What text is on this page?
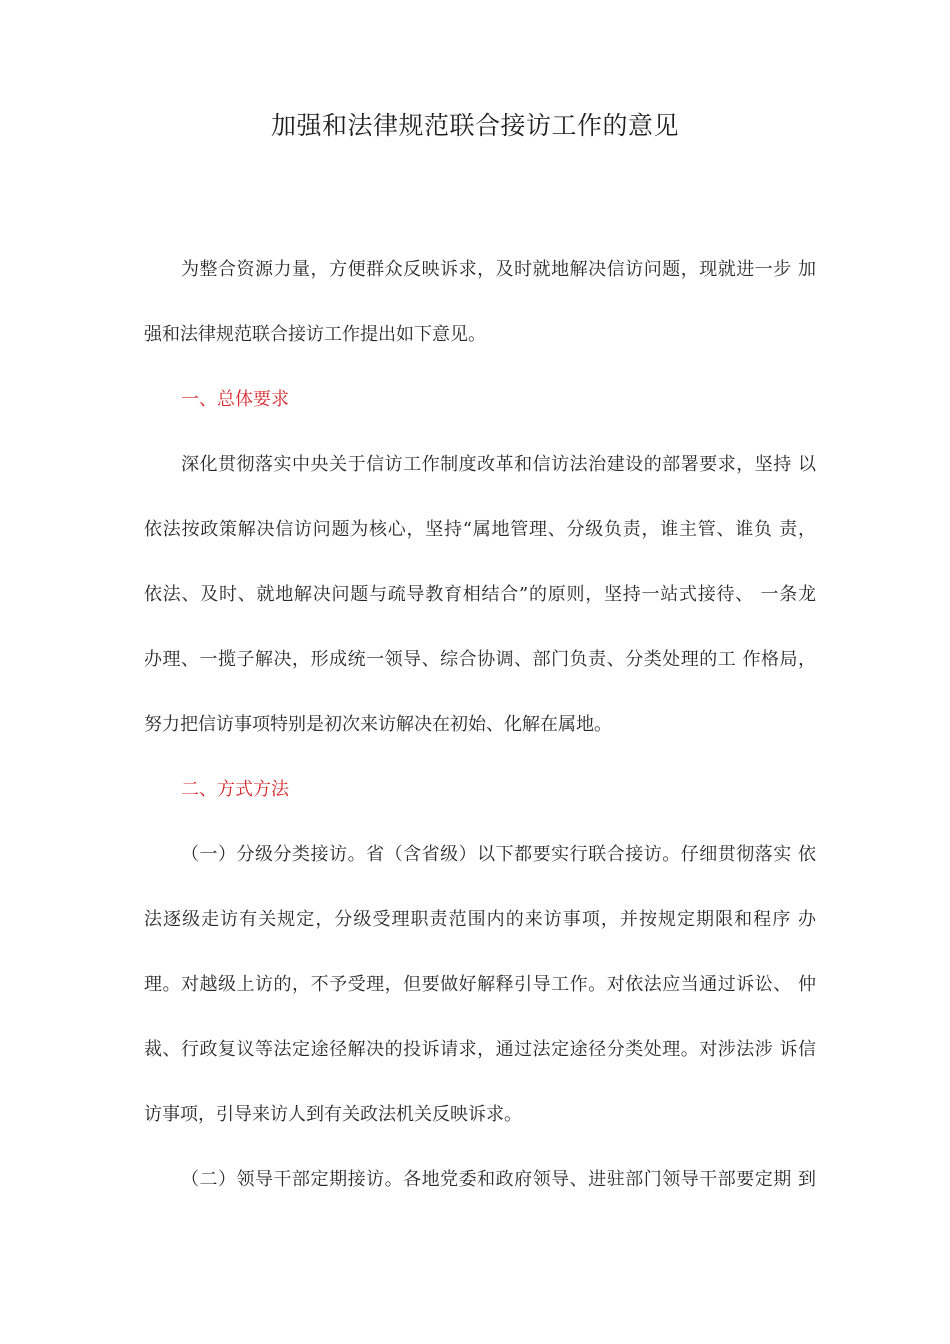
加强和法律规范联合接访工作的意见
为整合资源力量，方便群众反映诉求，及时就地解决信访问题，现就进一步 加
强和法律规范联合接访工作提出如下意见。
一、总体要求
深化贯彻落实中央关于信访工作制度改革和信访法治建设的部署要求，坚持 以
依法按政策解决信访问题为核心，坚持“属地管理、分级负责，谁主管、谁负 责，
依法、及时、就地解决问题与疏导教育相结合”的原则，坚持一站式接待、 一条龙
办理、一揽子解决，形成统一领导、综合协调、部门负责、分类处理的工 作格局，
努力把信访事项特别是初次来访解决在初始、化解在属地。
二、方式方法
（一）分级分类接访。省（含省级）以下都要实行联合接访。仔细贯彻落实 依
法逐级走访有关规定，分级受理职责范围内的来访事项，并按规定期限和程序 办
理。对越级上访的，不予受理，但要做好解释引导工作。对依法应当通过诉讼、 仲
裁、行政复议等法定途径解决的投诉请求，通过法定途径分类处理。对涉法涉 诉信
访事项，引导来访人到有关政法机关反映诉求。
（二）领导干部定期接访。各地党委和政府领导、进驻部门领导干部要定期 到
